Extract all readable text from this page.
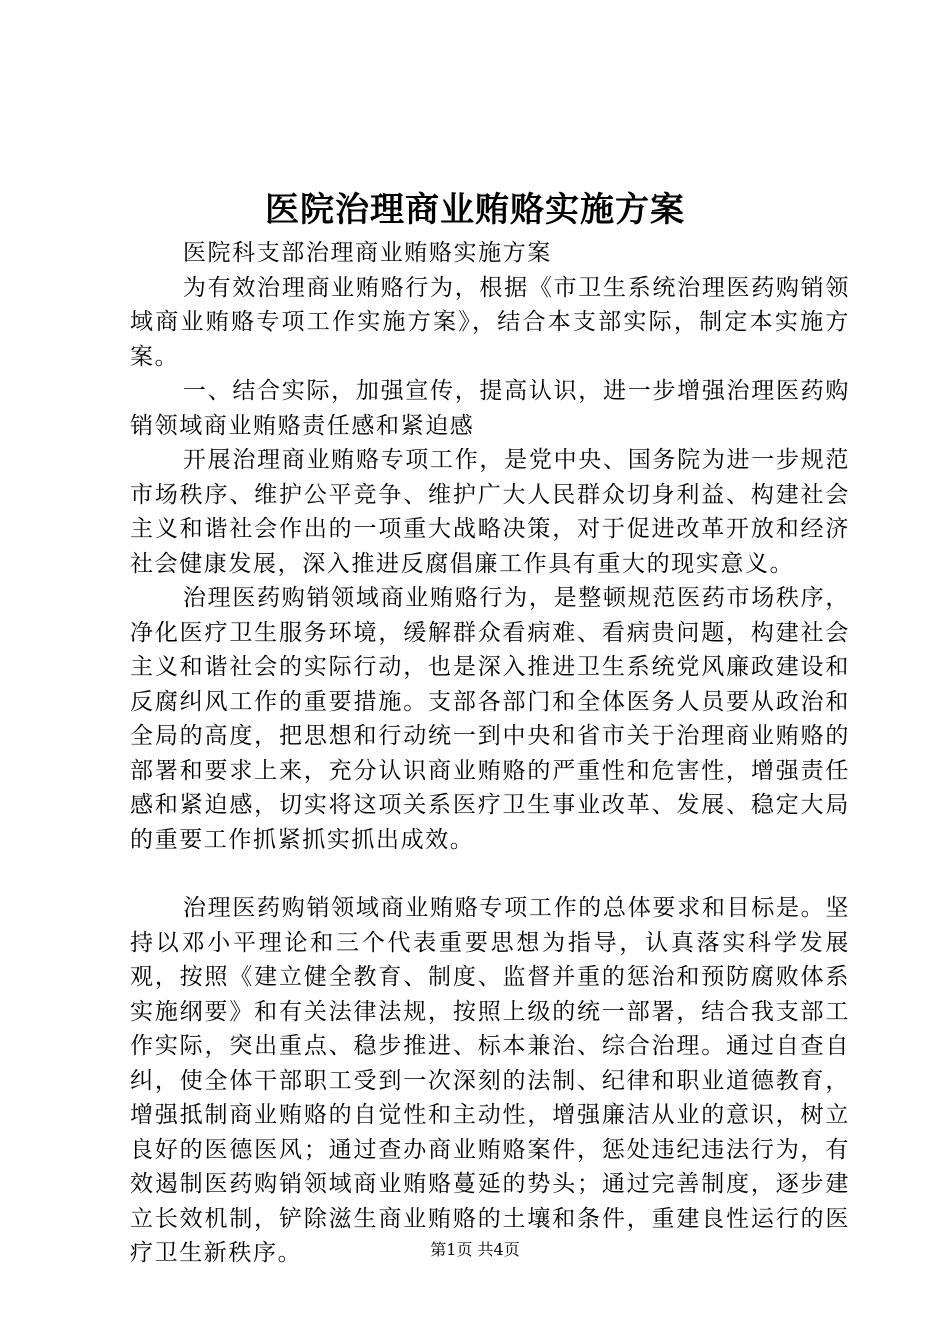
医院治理商业贿赂实施方案

医院科支部治理商业贿赂实施方案

为有效治理商业贿赂行为，根据《市卫生系统治理医药购销领域商业贿赂专项工作实施方案》，结合本支部实际，制定本实施方案。

一、结合实际，加强宣传，提高认识，进一步增强治理医药购销领域商业贿赂责任感和紧迫感

开展治理商业贿赂专项工作，是党中央、国务院为进一步规范市场秩序、维护公平竞争、维护广大人民群众切身利益、构建社会主义和谐社会作出的一项重大战略决策，对于促进改革开放和经济社会健康发展，深入推进反腐倡廉工作具有重大的现实意义。

治理医药购销领域商业贿赂行为，是整顿规范医药市场秩序，净化医疗卫生服务环境，缓解群众看病难、看病贵问题，构建社会主义和谐社会的实际行动，也是深入推进卫生系统党风廉政建设和反腐纠风工作的重要措施。支部各部门和全体医务人员要从政治和全局的高度，把思想和行动统一到中央和省市关于治理商业贿赂的部署和要求上来，充分认识商业贿赂的严重性和危害性，增强责任感和紧迫感，切实将这项关系医疗卫生事业改革、发展、稳定大局的重要工作抓紧抓实抓出成效。

治理医药购销领域商业贿赂专项工作的总体要求和目标是。坚持以邓小平理论和三个代表重要思想为指导，认真落实科学发展观，按照《建立健全教育、制度、监督并重的惩治和预防腐败体系实施纲要》和有关法律法规，按照上级的统一部署，结合我支部工作实际，突出重点、稳步推进、标本兼治、综合治理。通过自查自纠，使全体干部职工受到一次深刻的法制、纪律和职业道德教育，增强抵制商业贿赂的自觉性和主动性，增强廉洁从业的意识，树立良好的医德医风；通过查办商业贿赂案件，惩处违纪违法行为，有效遏制医药购销领域商业贿赂蔓延的势头；通过完善制度，逐步建立长效机制，铲除滋生商业贿赂的土壤和条件，重建良性运行的医疗卫生新秩序。	第1页 共4页
